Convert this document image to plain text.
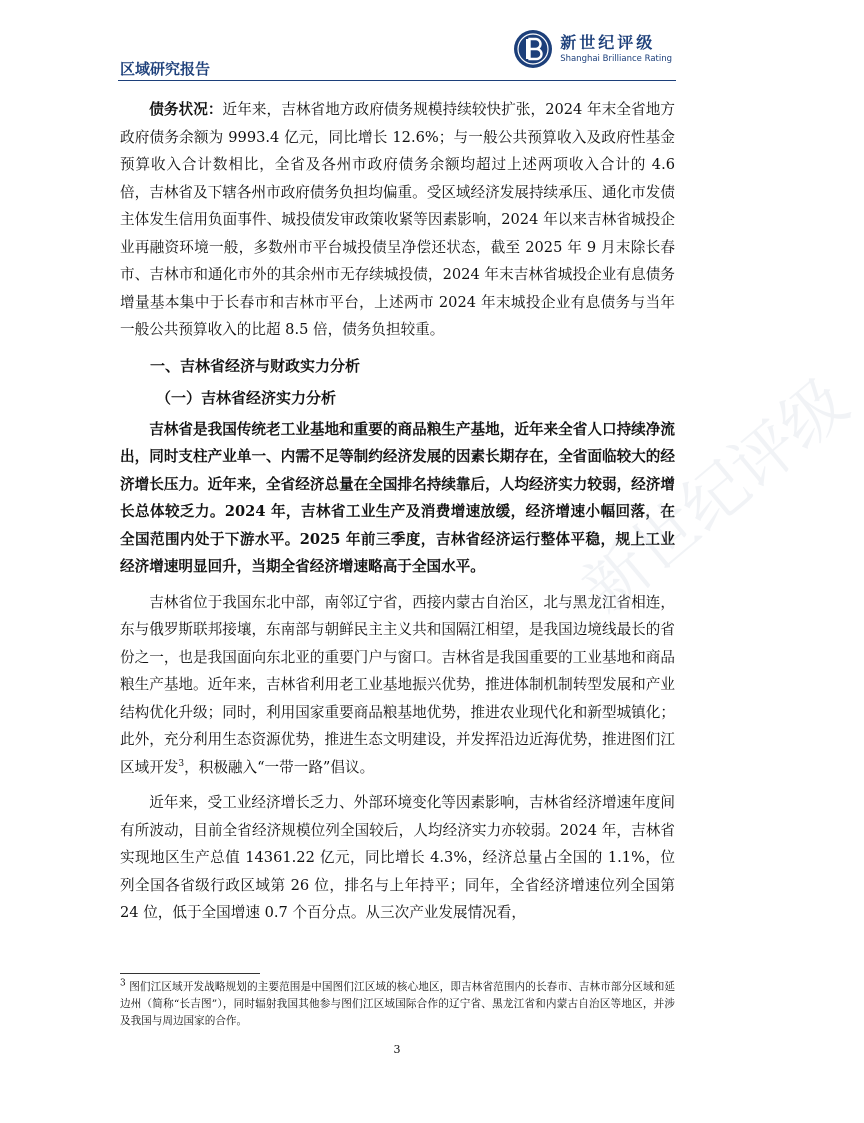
区域研究报告
新世纪评级
Shanghai Brilliance Rating

债务状况：近年来，吉林省地方政府债务规模持续较快扩张，2024 年末全省地方政府债务余额为 9993.4 亿元，同比增长 12.6%；与一般公共预算收入及政府性基金预算收入合计数相比，全省及各州市政府债务余额均超过上述两项收入合计的 4.6 倍，吉林省及下辖各州市政府债务负担均偏重。受区域经济发展持续承压、通化市发债主体发生信用负面事件、城投债发审政策收紧等因素影响，2024 年以来吉林省城投企业再融资环境一般，多数州市平台城投债呈净偿还状态，截至 2025 年 9 月末除长春市、吉林市和通化市外的其余州市无存续城投债，2024 年末吉林省城投企业有息债务增量基本集中于长春市和吉林市平台，上述两市 2024 年末城投企业有息债务与当年一般公共预算收入的比超 8.5 倍，债务负担较重。

一、吉林省经济与财政实力分析
（一）吉林省经济实力分析

吉林省是我国传统老工业基地和重要的商品粮生产基地，近年来全省人口持续净流出，同时支柱产业单一、内需不足等制约经济发展的因素长期存在，全省面临较大的经济增长压力。近年来，全省经济总量在全国排名持续靠后，人均经济实力较弱，经济增长总体较乏力。2024 年，吉林省工业生产及消费增速放缓，经济增速小幅回落，在全国范围内处于下游水平。2025 年前三季度，吉林省经济运行整体平稳，规上工业经济增速明显回升，当期全省经济增速略高于全国水平。

吉林省位于我国东北中部，南邻辽宁省，西接内蒙古自治区，北与黑龙江省相连，东与俄罗斯联邦接壤，东南部与朝鲜民主主义共和国隔江相望，是我国边境线最长的省份之一，也是我国面向东北亚的重要门户与窗口。吉林省是我国重要的工业基地和商品粮生产基地。近年来，吉林省利用老工业基地振兴优势，推进体制机制转型发展和产业结构优化升级；同时，利用国家重要商品粮基地优势，推进农业现代化和新型城镇化；此外，充分利用生态资源优势，推进生态文明建设，并发挥沿边近海优势，推进图们江区域开发$^3$，积极融入“一带一路”倡议。

近年来，受工业经济增长乏力、外部环境变化等因素影响，吉林省经济增速年度间有所波动，目前全省经济规模位列全国较后，人均经济实力亦较弱。2024 年，吉林省实现地区生产总值 14361.22 亿元，同比增长 4.3%，经济总量占全国的 1.1%，位列全国各省级行政区域第 26 位，排名与上年持平；同年，全省经济增速位列全国第 24 位，低于全国增速 0.7 个百分点。从三次产业发展情况看，

新世纪评级
$^3$ 图们江区域开发战略规划的主要范围是中国图们江区域的核心地区，即吉林省范围内的长春市、吉林市部分区域和延边州（简称“长吉图”），同时辐射我国其他参与图们江区域国际合作的辽宁省、黑龙江省和内蒙古自治区等地区，并涉及我国与周边国家的合作。
3
